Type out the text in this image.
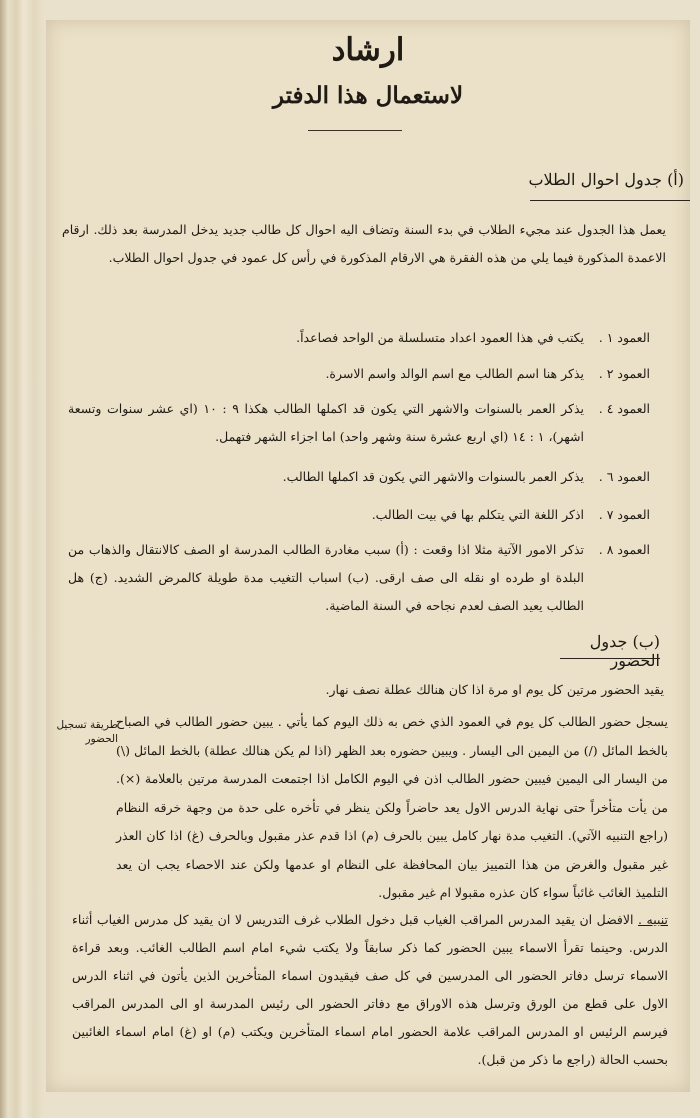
ارشاد
لاستعمال هذا الدفتر
(أ) جدول احوال الطلاب
يعمل هذا الجدول عند مجيء الطلاب في بدء السنة وتضاف اليه احوال كل طالب جديد يدخل المدرسة بعد ذلك. ارقام الاعمدة المذكورة فيما يلي من هذه الفقرة هي الارقام المذكورة في رأس كل عمود في جدول احوال الطلاب.
العمود ١ .
يكتب في هذا العمود اعداد متسلسلة من الواحد فصاعداً.
العمود ٢ .
يذكر هنا اسم الطالب مع اسم الوالد واسم الاسرة.
العمود ٤ .
يذكر العمر بالسنوات والاشهر التي يكون قد اكملها الطالب هكذا ٩ : ١٠ (اي عشر سنوات وتسعة اشهر)، ١ : ١٤ (اي اربع عشرة سنة وشهر واحد) اما اجزاء الشهر فتهمل.
العمود ٦ .
يذكر العمر بالسنوات والاشهر التي يكون قد اكملها الطالب.
العمود ٧ .
اذكر اللغة التي يتكلم بها في بيت الطالب.
العمود ٨ .
تذكر الامور الآتية مثلا اذا وقعت : (أ) سبب مغادرة الطالب المدرسة او الصف كالانتقال والذهاب من البلدة او طرده او نقله الى صف ارقى. (ب) اسباب التغيب مدة طويلة كالمرض الشديد. (ج) هل الطالب يعيد الصف لعدم نجاحه في السنة الماضية.
(ب) جدول الحضور
يقيد الحضور مرتين كل يوم او مرة اذا كان هنالك عطلة نصف نهار.
طريقة تسجيل الحضور
يسجل حضور الطالب كل يوم في العمود الذي خص به ذلك اليوم كما يأتي . يبين حضور الطالب في الصباح بالخط المائل (/) من اليمين الى اليسار . ويبين حضوره بعد الظهر (اذا لم يكن هنالك عطلة) بالخط المائل (\) من اليسار الى اليمين فيبين حضور الطالب اذن في اليوم الكامل اذا اجتمعت المدرسة مرتين بالعلامة (×). من يأت متأخراً حتى نهاية الدرس الاول يعد حاضراً ولكن ينظر في تأخره على حدة من وجهة خرقه النظام (راجع التنبيه الآتي). التغيب مدة نهار كامل يبين بالحرف (م) اذا قدم عذر مقبول وبالحرف (غ) اذا كان العذر غير مقبول والغرض من هذا التمييز بيان المحافظة على النظام او عدمها ولكن عند الاحصاء يجب ان يعد التلميذ الغائب غائباً سواء كان عذره مقبولا ام غير مقبول.
تنبيه . الافضل ان يقيد المدرس المراقب الغياب قبل دخول الطلاب غرف التدريس لا ان يقيد كل مدرس الغياب أثناء الدرس. وحينما تقرأ الاسماء يبين الحضور كما ذكر سابقاً ولا يكتب شيء امام اسم الطالب الغائب. وبعد قراءة الاسماء ترسل دفاتر الحضور الى المدرسين في كل صف فيقيدون اسماء المتأخرين الذين يأتون في اثناء الدرس الاول على قطع من الورق وترسل هذه الاوراق مع دفاتر الحضور الى رئيس المدرسة او الى المدرس المراقب فيرسم الرئيس او المدرس المراقب علامة الحضور امام اسماء المتأخرين ويكتب (م) او (غ) امام اسماء الغائبين بحسب الحالة (راجع ما ذكر من قبل).
